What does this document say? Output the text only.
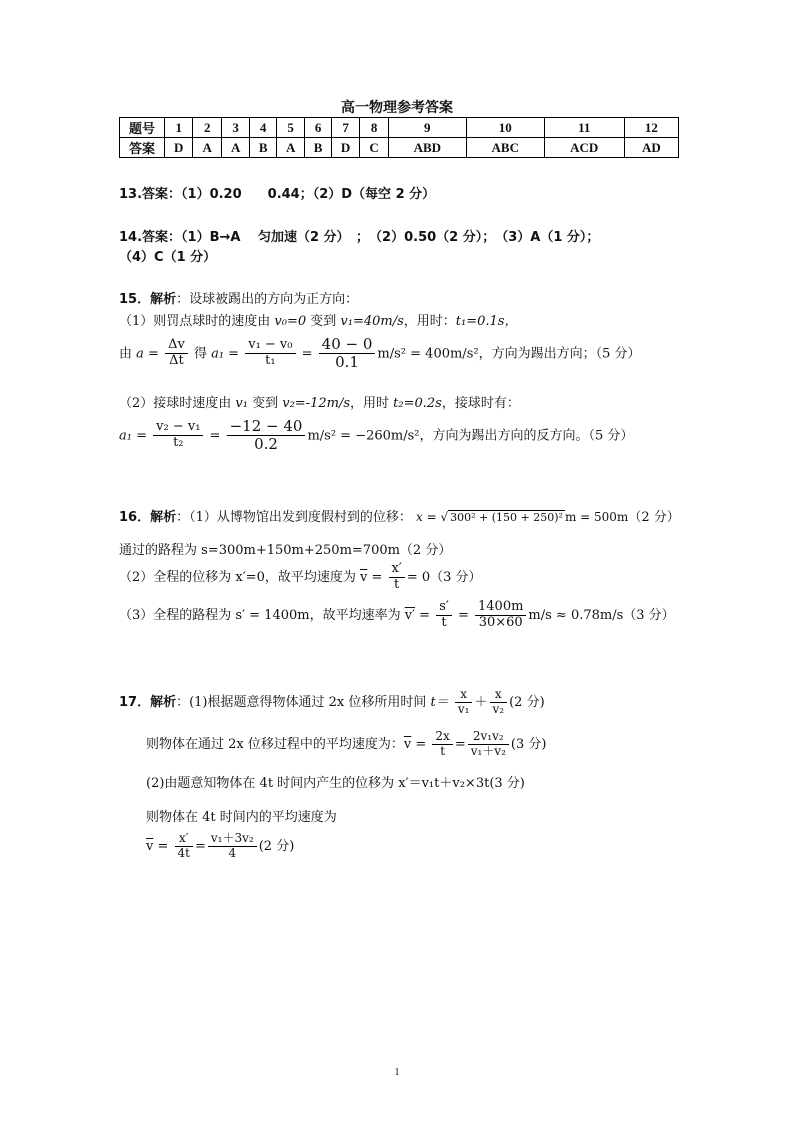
高一物理参考答案
题号	1	2	3	4	5	6	7	8	9	10	11	12
答案	D	A	A	B	A	B	D	C	ABD	ABC	ACD	AD
13.答案：（1）0.20　　0.44；（2）D（每空 2 分）
14.答案：（1）B→A　 匀加速（2 分）　；　（2）0.50（2 分）；　（3）A（1 分）；
（4）C（1 分）
15．解析：设球被踢出的方向为正方向：
（1）则罚点球时的速度由 v₀=0 变到 v₁=40m/s，用时：t₁=0.1s，
由 $a = \frac{\Delta v}{\Delta t}$ 得 $a_1 = \frac{\text{v₁ − v₀}}{\text{t₁}} = \frac{40 - 0}{0.1} m/s^2 = 400m/s^2$，方向为踢出方向；（5 分）
（2）接球时速度由 v₁ 变到 v₂=-12m/s，用时 t₂=0.2s，接球时有：
$a_1 = \frac{\text{v₂ − v₁}}{\text{t₂}} = \frac{-12 - 40}{0.2} m/s^2 = -260m/s^2$，方向为踢出方向的反方向。（5 分）
16．解析：（1）从博物馆出发到度假村到的位移： x = √ 300² + (150 + 250)² m = 500m（2 分）
通过的路程为 s=300m+150m+250m=700m（2 分）
（2）全程的位移为 x′=0，故平均速度为 $\overline{v} = \frac{x'}{t} = 0(3$ 分）
（3）全程的路程为 s′ = 1400m，故平均速率为 $v' = \frac{s'}{t} = \frac{1400m}{30\times 60} m/s \approx 0.78m/s(3$ 分）
17．解析：(1)根据题意得物体通过 2x 位移所用时间 $t= \frac{x}{\text{v₁}} + \frac{x}{\text{v₂}} (2$ 分)
则物体在通过 2x 位移过程中的平均速度为：$\overline{v} = \frac{2x}{t} = \frac{\text{2v₁v₂}}{\text{v₁＋v₂}} (3$ 分)
(2)由题意知物体在 4t 时间内产生的位移为 x′＝v₁t＋v₂×3t(3 分)
则物体在 4t 时间内的平均速度为
$\overline{v} = \frac{x'}{4t} = \frac{\text{v₁＋3v₂}}{4} (2$ 分)
1
